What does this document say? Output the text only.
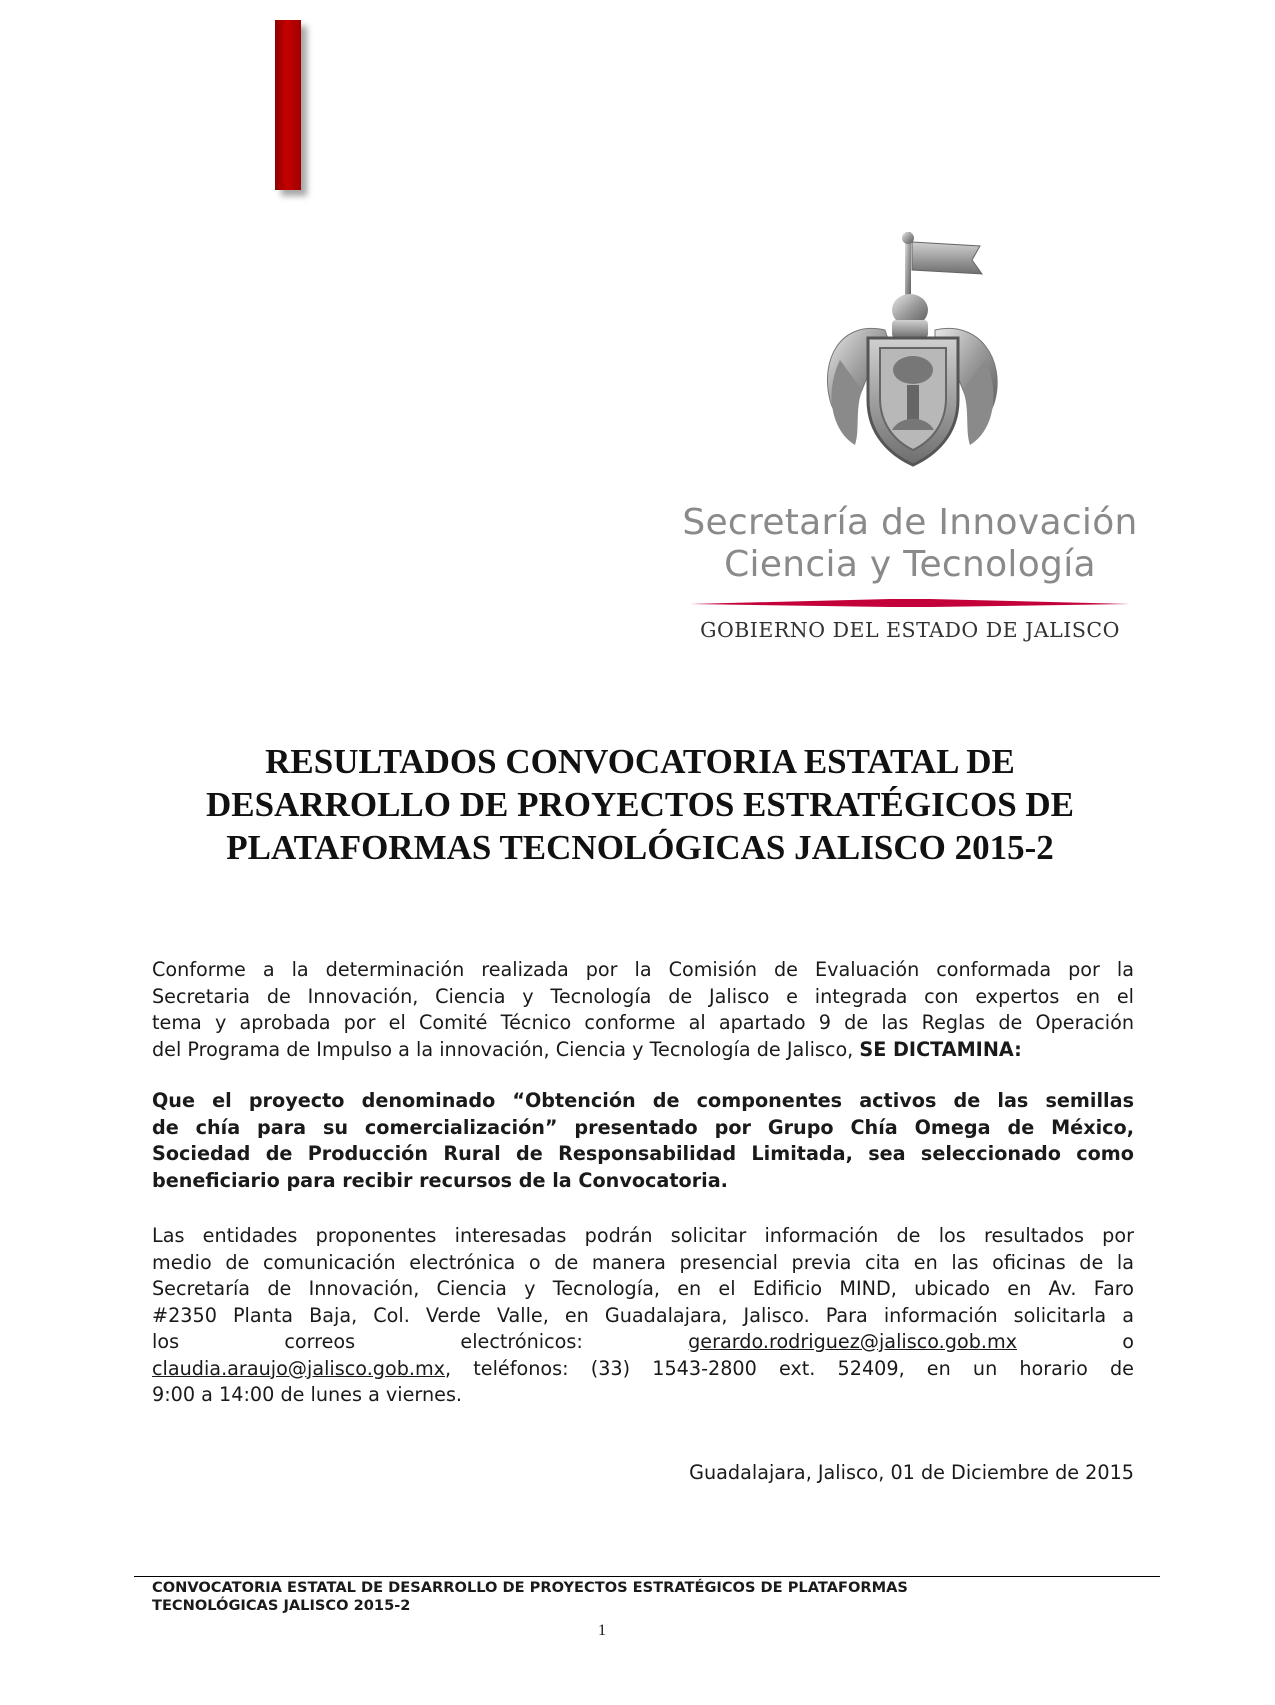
Secretaría de Innovación
Ciencia y Tecnología
GOBIERNO DEL ESTADO DE JALISCO
RESULTADOS CONVOCATORIA ESTATAL DE
DESARROLLO DE PROYECTOS ESTRATÉGICOS DE
PLATAFORMAS TECNOLÓGICAS JALISCO 2015-2
Conforme a la determinación realizada por la Comisión de Evaluación conformada por la
Secretaria de Innovación, Ciencia y Tecnología de Jalisco e integrada con expertos en el
tema y aprobada por el Comité Técnico conforme al apartado 9 de las Reglas de Operación
del Programa de Impulso a la innovación, Ciencia y Tecnología de Jalisco, SE DICTAMINA:
Que el proyecto denominado “Obtención de componentes activos de las semillas
de chía para su comercialización” presentado por Grupo Chía Omega de México,
Sociedad de Producción Rural de Responsabilidad Limitada, sea seleccionado como
beneficiario para recibir recursos de la Convocatoria.
Las entidades proponentes interesadas podrán solicitar información de los resultados por
medio de comunicación electrónica o de manera presencial previa cita en las oficinas de la
Secretaría de Innovación, Ciencia y Tecnología, en el Edificio MIND, ubicado en Av. Faro
#2350 Planta Baja, Col. Verde Valle, en Guadalajara, Jalisco. Para información solicitarla a
los	correos	electrónicos:	gerardo.rodriguez@jalisco.gob.mx	o
claudia.araujo@jalisco.gob.mx, teléfonos: (33) 1543-2800 ext. 52409, en un horario de
9:00 a 14:00 de lunes a viernes.
Guadalajara, Jalisco, 01 de Diciembre de 2015
CONVOCATORIA ESTATAL DE DESARROLLO DE PROYECTOS ESTRATÉGICOS DE PLATAFORMAS
TECNOLÓGICAS JALISCO 2015-2
1
